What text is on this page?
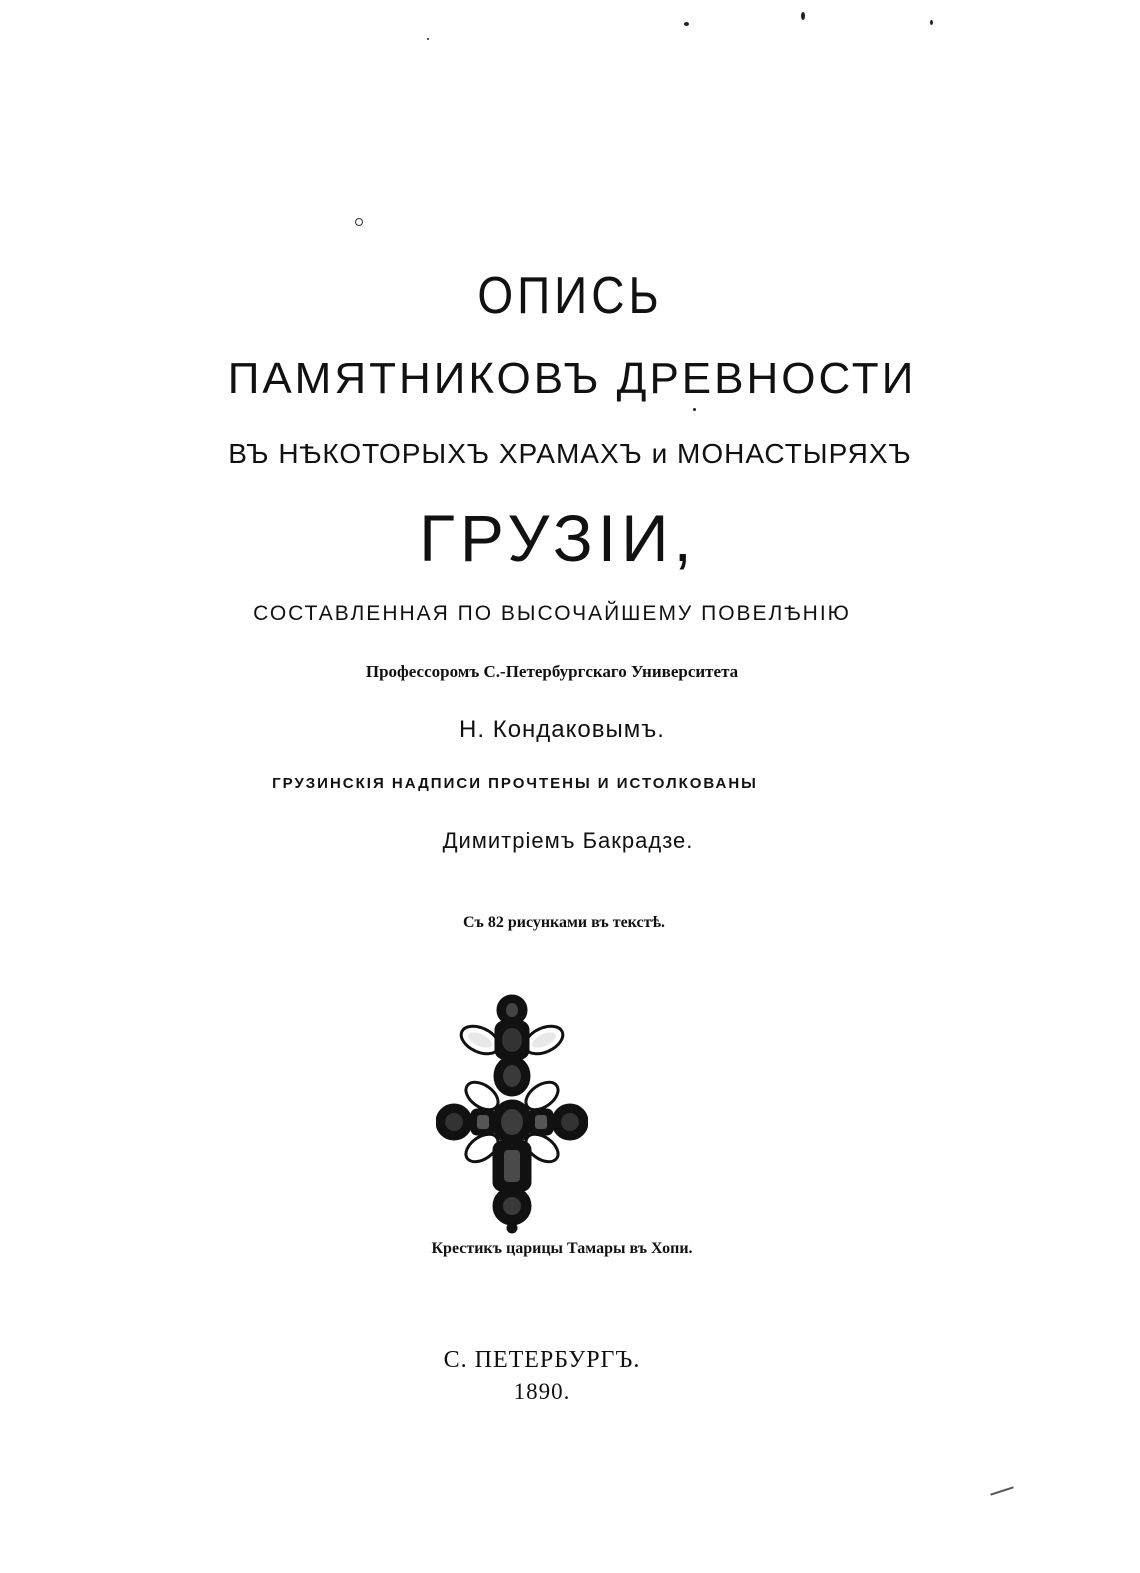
ОПИСЬ
ПАМЯТНИКОВЪ ДРЕВНОСТИ
ВЪ НѢКОТОРЫХЪ ХРАМАХЪ и МОНАСТЫРЯХЪ
ГРУЗІИ,
СОСТАВЛЕННАЯ ПО ВЫСОЧАЙШЕМУ ПОВЕЛѢНІЮ
Профессоромъ С.-Петербургскаго Университета
Н. Кондаковымъ.
ГРУЗИНСКІЯ НАДПИСИ ПРОЧТЕНЫ И ИСТОЛКОВАНЫ
Димитріемъ Бакрадзе.
Съ 82 рисунками въ текстѣ.
Крестикъ царицы Тамары въ Хопи.
С. ПЕТЕРБУРГЪ.
1890.
